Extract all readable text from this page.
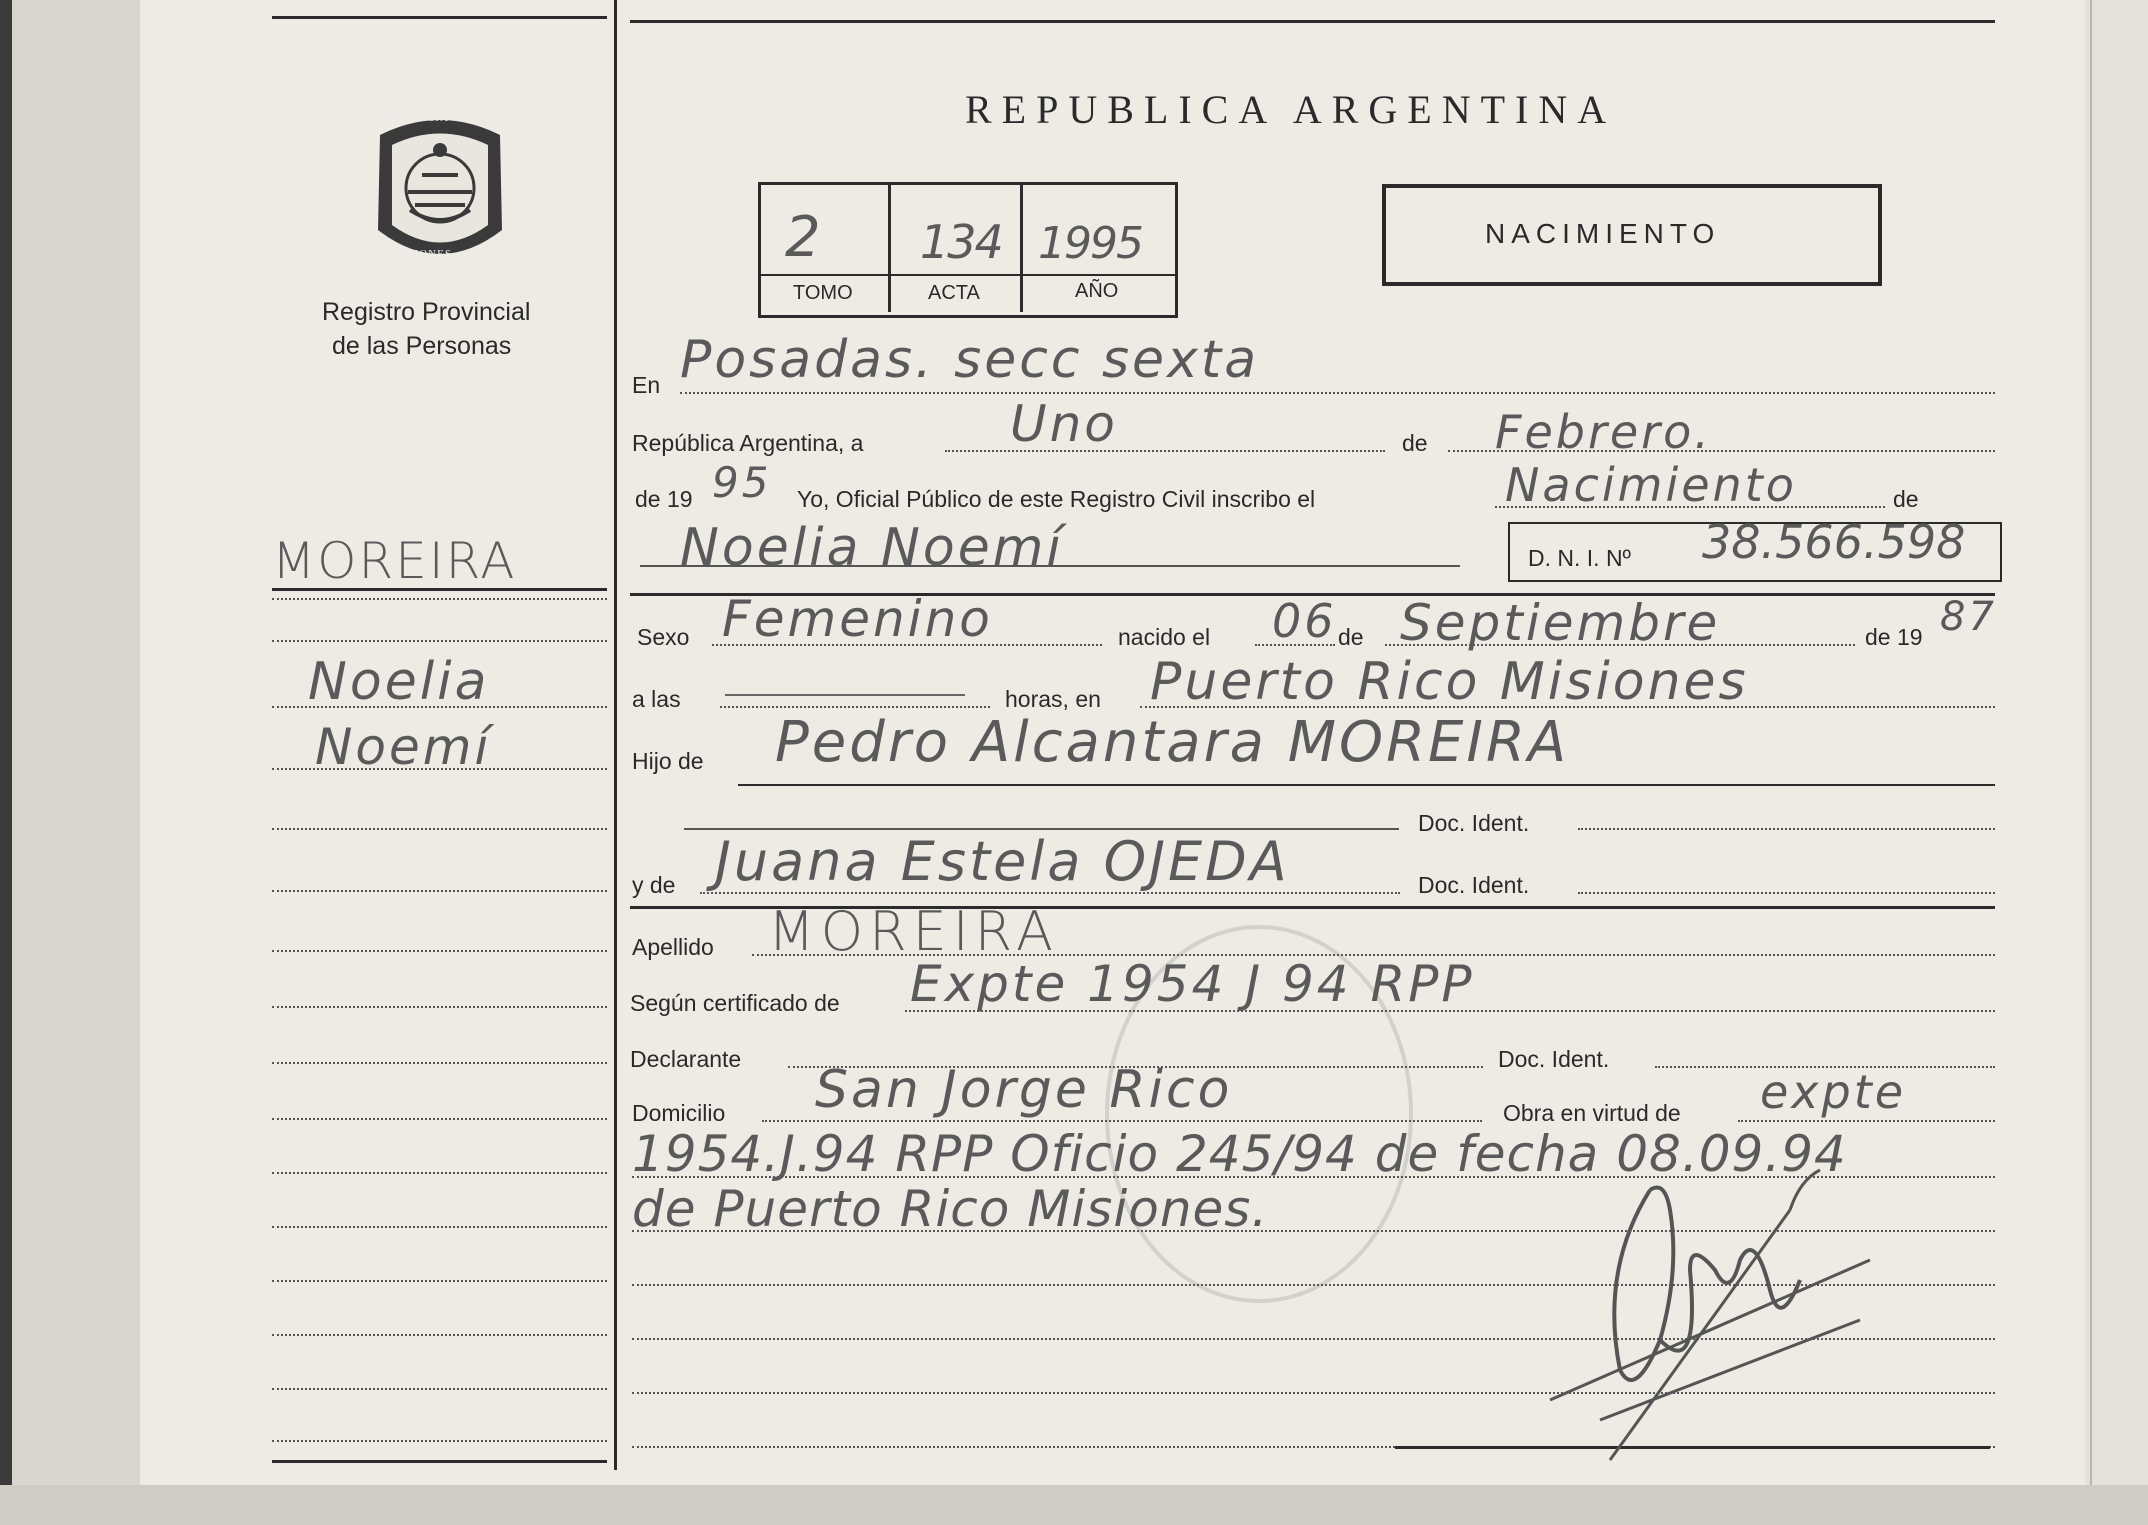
PROVINCIA
MISIONES
Registro Provincial
de las Personas
REPUBLICA ARGENTINA
2 134 1995
TOMO	ACTA	AÑO
NACIMIENTO
MOREIRA
Noelia
Noemí
En Posadas. secc sexta
República Argentina, a	Uno	de Febrero.
de 19 95 Yo, Oficial Público de este Registro Civil inscribo el	Nacimiento	de
Noelia Noemí	D. N. I. Nº 38.566.598
Sexo Femenino	nacido el 06 de Septiembre	de 19 87
a las	horas, en Puerto Rico Misiones
Hijo de Pedro Alcantara MOREIRA
Doc. Ident.
y de Juana Estela OJEDA	Doc. Ident.
Apellido MOREIRA
Según certificado de Expte 1954 J 94 RPP
Declarante	Doc. Ident.
Domicilio San Jorge Rico	Obra en virtud de expte
1954.J.94 RPP Oficio 245/94 de fecha 08.09.94
de Puerto Rico Misiones.
